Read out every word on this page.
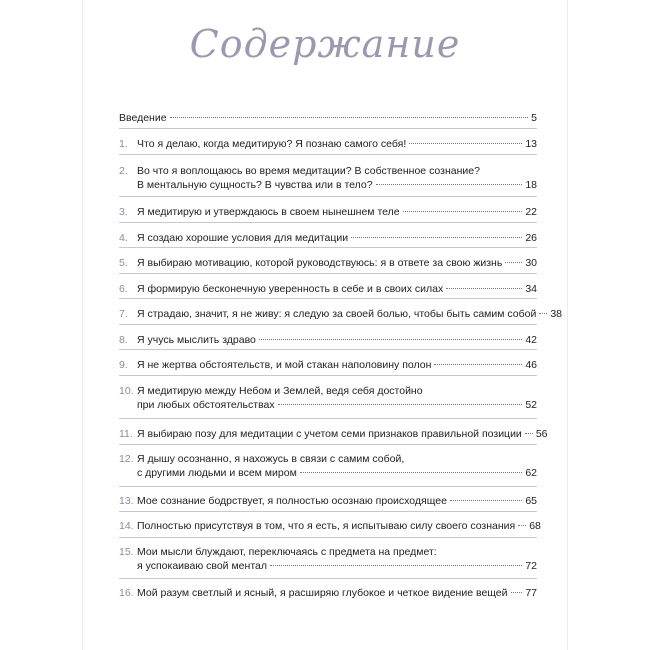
Содержание
Введение	5
1. Что я делаю, когда медитирую? Я познаю самого себя!	13
2. Во что я воплощаюсь во время медитации? В собственное сознание?
В ментальную сущность? В чувства или в тело?	18
3. Я медитирую и утверждаюсь в своем нынешнем теле	22
4. Я создаю хорошие условия для медитации	26
5. Я выбираю мотивацию, которой руководствуюсь: я в ответе за свою жизнь 30
6. Я формирую бесконечную уверенность в себе и в своих силах	34
7. Я страдаю, значит, я не живу: я следую за своей болью, чтобы быть самим собой 38
8. Я учусь мыслить здраво	42
9. Я не жертва обстоятельств, и мой стакан наполовину полон	46
10. Я медитирую между Небом и Землей, ведя себя достойно
при любых обстоятельствах	52
11. Я выбираю позу для медитации с учетом семи признаков правильной позиции 56
12. Я дышу осознанно, я нахожусь в связи с самим собой,
с другими людьми и всем миром	62
13. Мое сознание бодрствует, я полностью осознаю происходящее	65
14. Полностью присутствуя в том, что я есть, я испытываю силу своего сознания 68
15. Мои мысли блуждают, переключаясь с предмета на предмет:
я успокаиваю свой ментал	72
16. Мой разум светлый и ясный, я расширяю глубокое и четкое видение вещей 77
